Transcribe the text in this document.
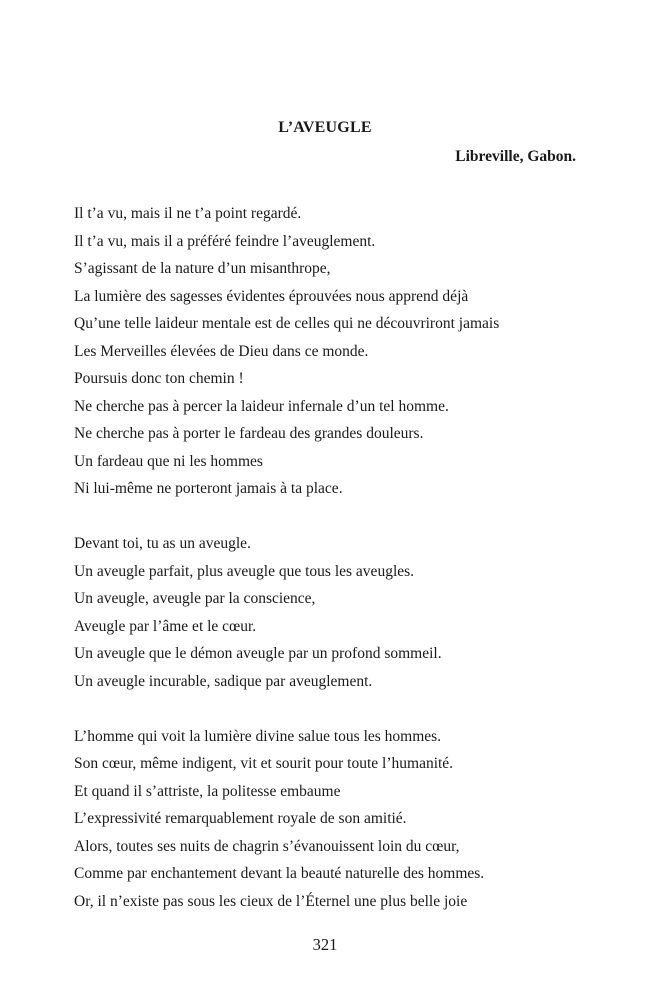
L’AVEUGLE
Libreville, Gabon.
Il t’a vu, mais il ne t’a point regardé.
Il t’a vu, mais il a préféré feindre l’aveuglement.
S’agissant de la nature d’un misanthrope,
La lumière des sagesses évidentes éprouvées nous apprend déjà
Qu’une telle laideur mentale est de celles qui ne découvriront jamais
Les Merveilles élevées de Dieu dans ce monde.
Poursuis donc ton chemin !
Ne cherche pas à percer la laideur infernale d’un tel homme.
Ne cherche pas à porter le fardeau des grandes douleurs.
Un fardeau que ni les hommes
Ni lui-même ne porteront jamais à ta place.
Devant toi, tu as un aveugle.
Un aveugle parfait, plus aveugle que tous les aveugles.
Un aveugle, aveugle par la conscience,
Aveugle par l’âme et le cœur.
Un aveugle que le démon aveugle par un profond sommeil.
Un aveugle incurable, sadique par aveuglement.
L’homme qui voit la lumière divine salue tous les hommes.
Son cœur, même indigent, vit et sourit pour toute l’humanité.
Et quand il s’attriste, la politesse embaume
L’expressivité remarquablement royale de son amitié.
Alors, toutes ses nuits de chagrin s’évanouissent loin du cœur,
Comme par enchantement devant la beauté naturelle des hommes.
Or, il n’existe pas sous les cieux de l’Éternel une plus belle joie
321
